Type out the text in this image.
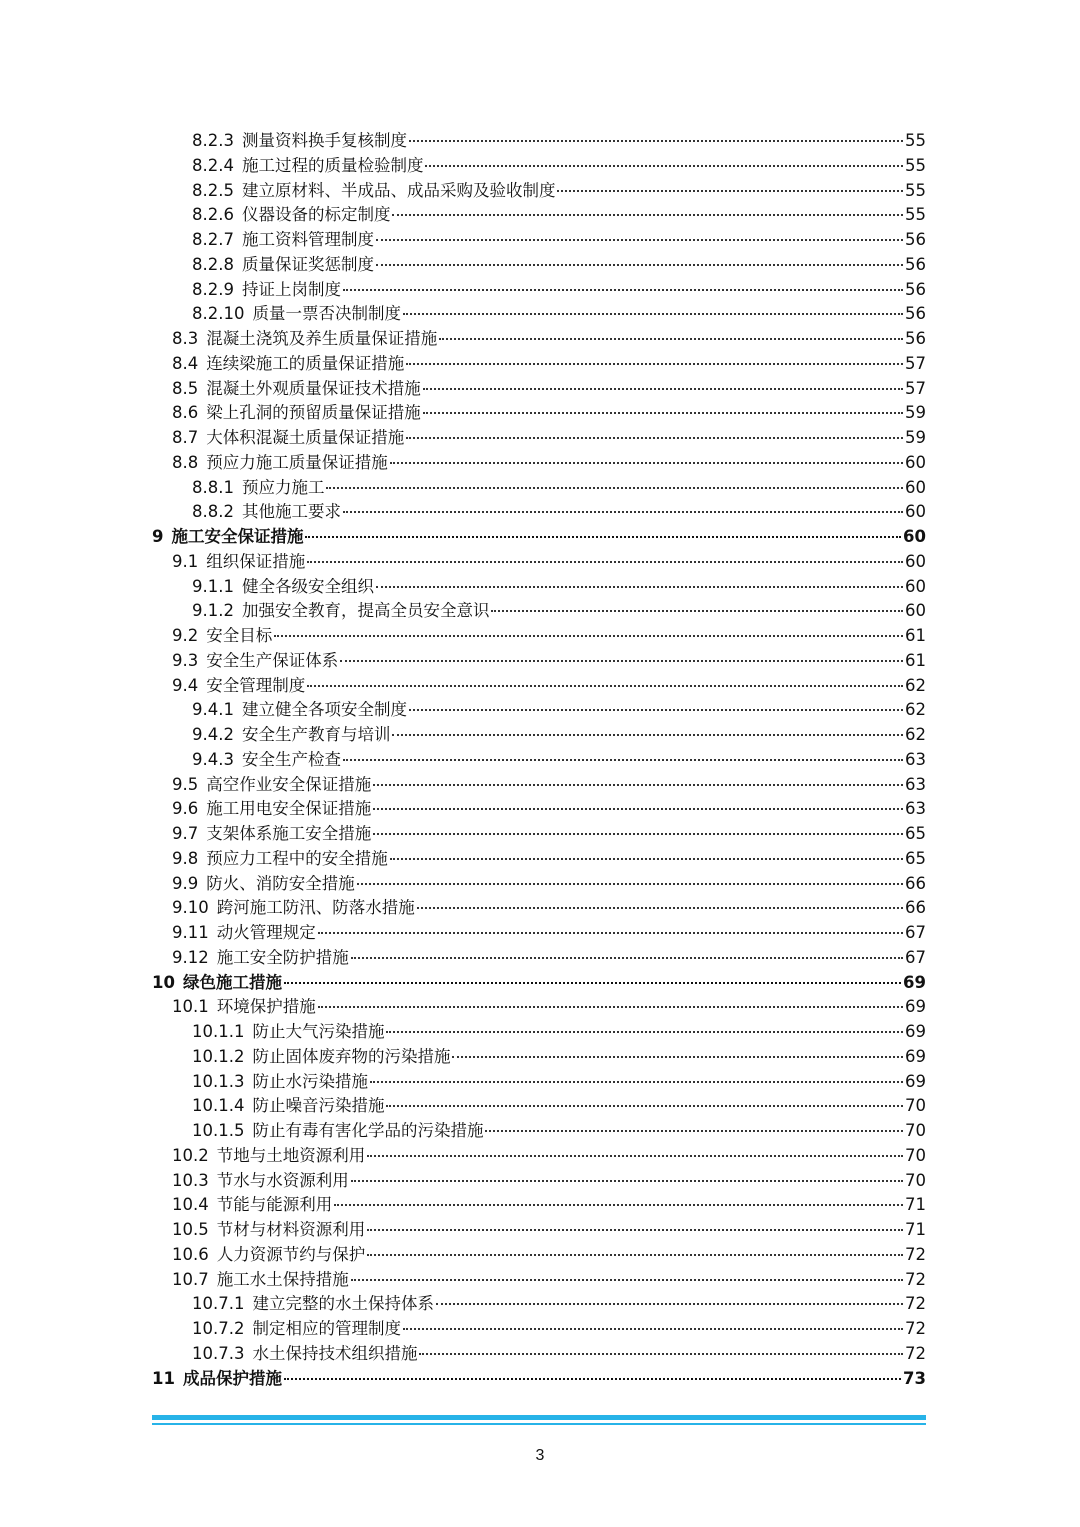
8.2.3 测量资料换手复核制度	55
8.2.4 施工过程的质量检验制度	55
8.2.5 建立原材料、半成品、成品采购及验收制度	55
8.2.6 仪器设备的标定制度	55
8.2.7 施工资料管理制度	56
8.2.8 质量保证奖惩制度	56
8.2.9 持证上岗制度	56
8.2.10 质量一票否决制制度	56
8.3 混凝土浇筑及养生质量保证措施	56
8.4 连续梁施工的质量保证措施	57
8.5 混凝土外观质量保证技术措施	57
8.6 梁上孔洞的预留质量保证措施	59
8.7 大体积混凝土质量保证措施	59
8.8 预应力施工质量保证措施	60
8.8.1 预应力施工	60
8.8.2 其他施工要求	60
9 施工安全保证措施	60
9.1 组织保证措施	60
9.1.1 健全各级安全组织	60
9.1.2 加强安全教育，提高全员安全意识	60
9.2 安全目标	61
9.3 安全生产保证体系	61
9.4 安全管理制度	62
9.4.1 建立健全各项安全制度	62
9.4.2 安全生产教育与培训	62
9.4.3 安全生产检查	63
9.5 高空作业安全保证措施	63
9.6 施工用电安全保证措施	63
9.7 支架体系施工安全措施	65
9.8 预应力工程中的安全措施	65
9.9 防火、消防安全措施	66
9.10 跨河施工防汛、防落水措施	66
9.11 动火管理规定	67
9.12 施工安全防护措施	67
10 绿色施工措施	69
10.1 环境保护措施	69
10.1.1 防止大气污染措施	69
10.1.2 防止固体废弃物的污染措施	69
10.1.3 防止水污染措施	69
10.1.4 防止噪音污染措施	70
10.1.5 防止有毒有害化学品的污染措施	70
10.2 节地与土地资源利用	70
10.3 节水与水资源利用	70
10.4 节能与能源利用	71
10.5 节材与材料资源利用	71
10.6 人力资源节约与保护	72
10.7 施工水土保持措施	72
10.7.1 建立完整的水土保持体系	72
10.7.2 制定相应的管理制度	72
10.7.3 水土保持技术组织措施	72
11 成品保护措施	73
3
